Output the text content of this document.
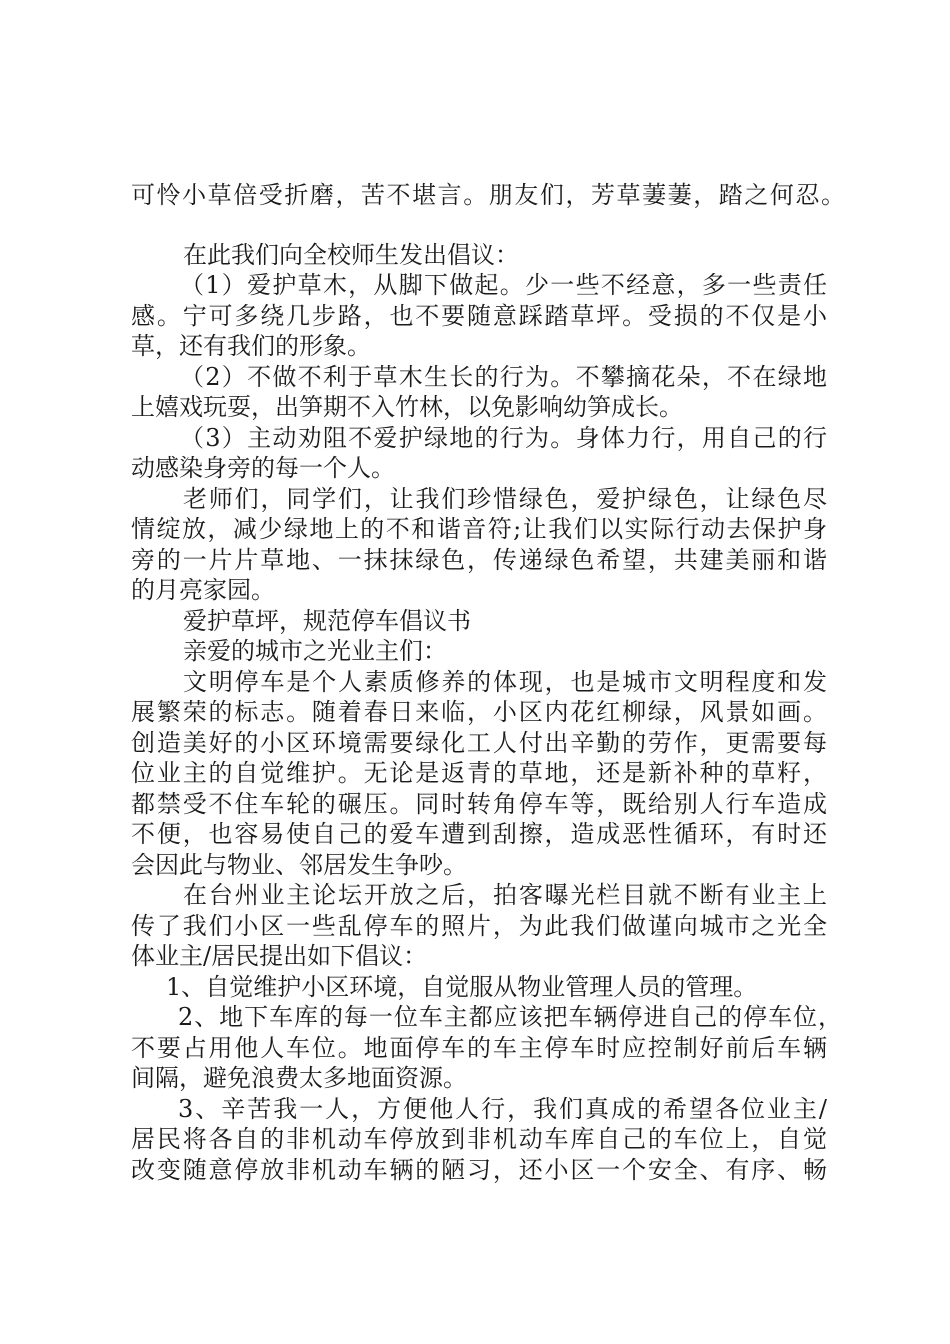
可怜小草倍受折磨，苦不堪言。朋友们，芳草萋萋，踏之何忍。

在此我们向全校师生发出倡议：

（1）爱护草木，从脚下做起。少一些不经意，多一些责任

感。宁可多绕几步路，也不要随意踩踏草坪。受损的不仅是小

草，还有我们的形象。

（2）不做不利于草木生长的行为。不攀摘花朵，不在绿地

上嬉戏玩耍，出笋期不入竹林，以免影响幼笋成长。

（3）主动劝阻不爱护绿地的行为。身体力行，用自己的行

动感染身旁的每一个人。

老师们，同学们，让我们珍惜绿色，爱护绿色，让绿色尽

情绽放，减少绿地上的不和谐音符;让我们以实际行动去保护身

旁的一片片草地、一抹抹绿色，传递绿色希望，共建美丽和谐

的月亮家园。

爱护草坪，规范停车倡议书

亲爱的城市之光业主们：

文明停车是个人素质修养的体现，也是城市文明程度和发

展繁荣的标志。随着春日来临，小区内花红柳绿，风景如画。

创造美好的小区环境需要绿化工人付出辛勤的劳作，更需要每

位业主的自觉维护。无论是返青的草地，还是新补种的草籽，

都禁受不住车轮的碾压。同时转角停车等，既给别人行车造成

不便，也容易使自己的爱车遭到刮擦，造成恶性循环，有时还

会因此与物业、邻居发生争吵。

在台州业主论坛开放之后，拍客曝光栏目就不断有业主上

传了我们小区一些乱停车的照片，为此我们做谨向城市之光全

体业主/居民提出如下倡议：

1、自觉维护小区环境，自觉服从物业管理人员的管理。

2、地下车库的每一位车主都应该把车辆停进自己的停车位，

不要占用他人车位。地面停车的车主停车时应控制好前后车辆

间隔，避免浪费太多地面资源。

3、辛苦我一人，方便他人行，我们真成的希望各位业主/

居民将各自的非机动车停放到非机动车库自己的车位上，自觉

改变随意停放非机动车辆的陋习，还小区一个安全、有序、畅
